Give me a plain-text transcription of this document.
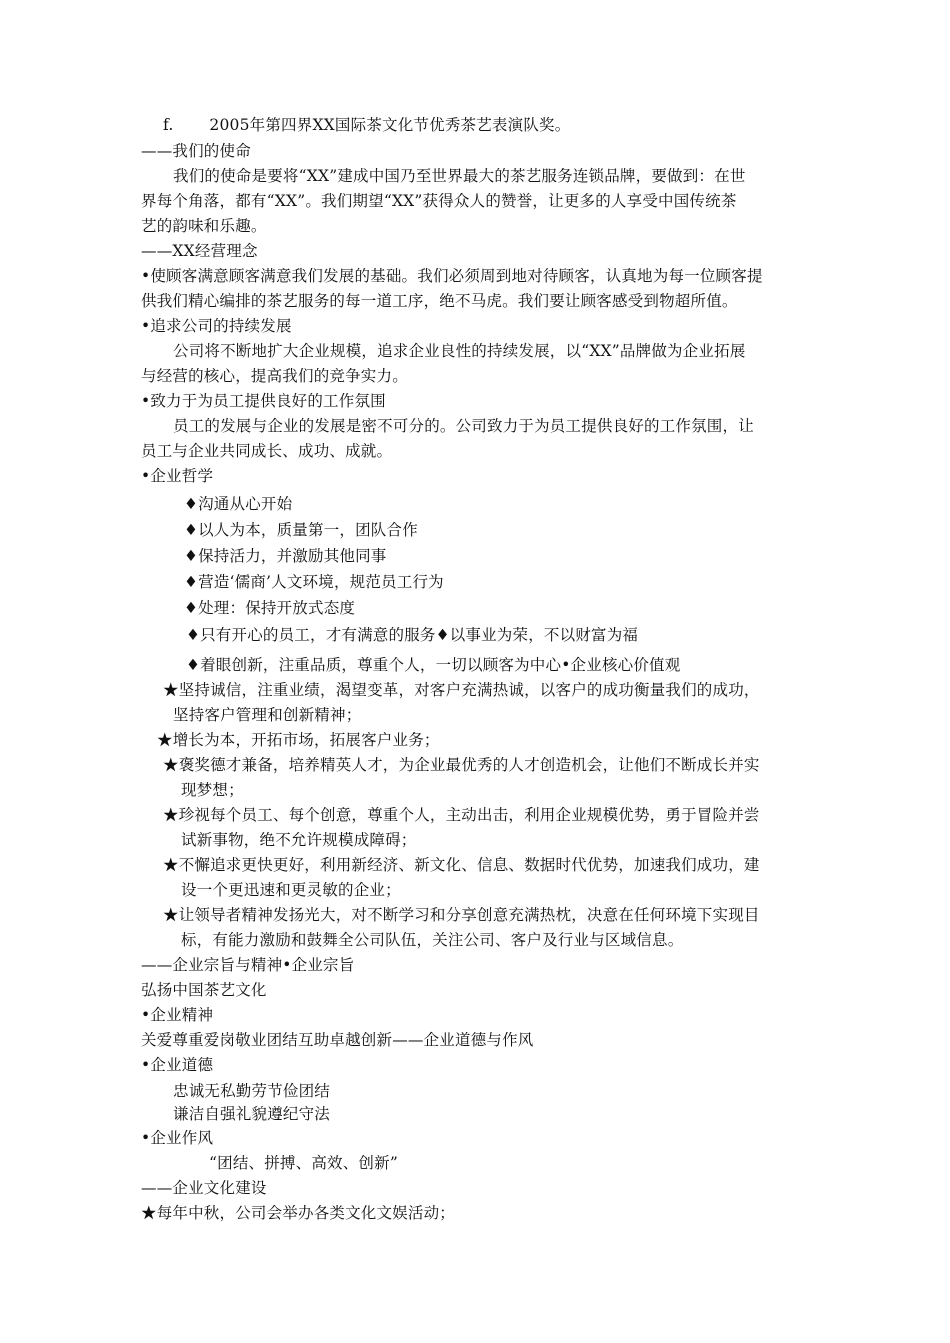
f.       2005年第四界XX国际茶文化节优秀茶艺表演队奖。
——我们的使命
我们的使命是要将“XX”建成中国乃至世界最大的茶艺服务连锁品牌，要做到：在世
界每个角落，都有“XX”。我们期望“XX”获得众人的赞誉，让更多的人享受中国传统茶
艺的韵味和乐趣。
——XX经营理念
•使顾客满意顾客满意我们发展的基础。我们必须周到地对待顾客，认真地为每一位顾客提
供我们精心编排的茶艺服务的每一道工序，绝不马虎。我们要让顾客感受到物超所值。
•追求公司的持续发展
公司将不断地扩大企业规模，追求企业良性的持续发展，以“XX”品牌做为企业拓展
与经营的核心，提高我们的竞争实力。
•致力于为员工提供良好的工作氛围
员工的发展与企业的发展是密不可分的。公司致力于为员工提供良好的工作氛围，让
员工与企业共同成长、成功、成就。
•企业哲学
♦沟通从心开始
♦以人为本，质量第一，团队合作
♦保持活力，并激励其他同事
♦营造‘儒商’人文环境，规范员工行为
♦处理：保持开放式态度
♦只有开心的员工，才有满意的服务♦以事业为荣，不以财富为福
♦着眼创新，注重品质，尊重个人，一切以顾客为中心•企业核心价值观
★坚持诚信，注重业绩，渴望变革，对客户充满热诚，以客户的成功衡量我们的成功，
坚持客户管理和创新精神；
★增长为本，开拓市场，拓展客户业务；
★褒奖德才兼备，培养精英人才，为企业最优秀的人才创造机会，让他们不断成长并实
现梦想；
★珍视每个员工、每个创意，尊重个人，主动出击，利用企业规模优势，勇于冒险并尝
试新事物，绝不允许规模成障碍；
★不懈追求更快更好，利用新经济、新文化、信息、数据时代优势，加速我们成功，建
设一个更迅速和更灵敏的企业；
★让领导者精神发扬光大，对不断学习和分享创意充满热枕，决意在任何环境下实现目
标，有能力激励和鼓舞全公司队伍，关注公司、客户及行业与区域信息。
——企业宗旨与精神•企业宗旨
弘扬中国茶艺文化
•企业精神
关爱尊重爱岗敬业团结互助卓越创新——企业道德与作风
•企业道德
忠诚无私勤劳节俭团结
谦洁自强礼貌遵纪守法
•企业作风
“团结、拼搏、高效、创新”
——企业文化建设
★每年中秋，公司会举办各类文化文娱活动；
